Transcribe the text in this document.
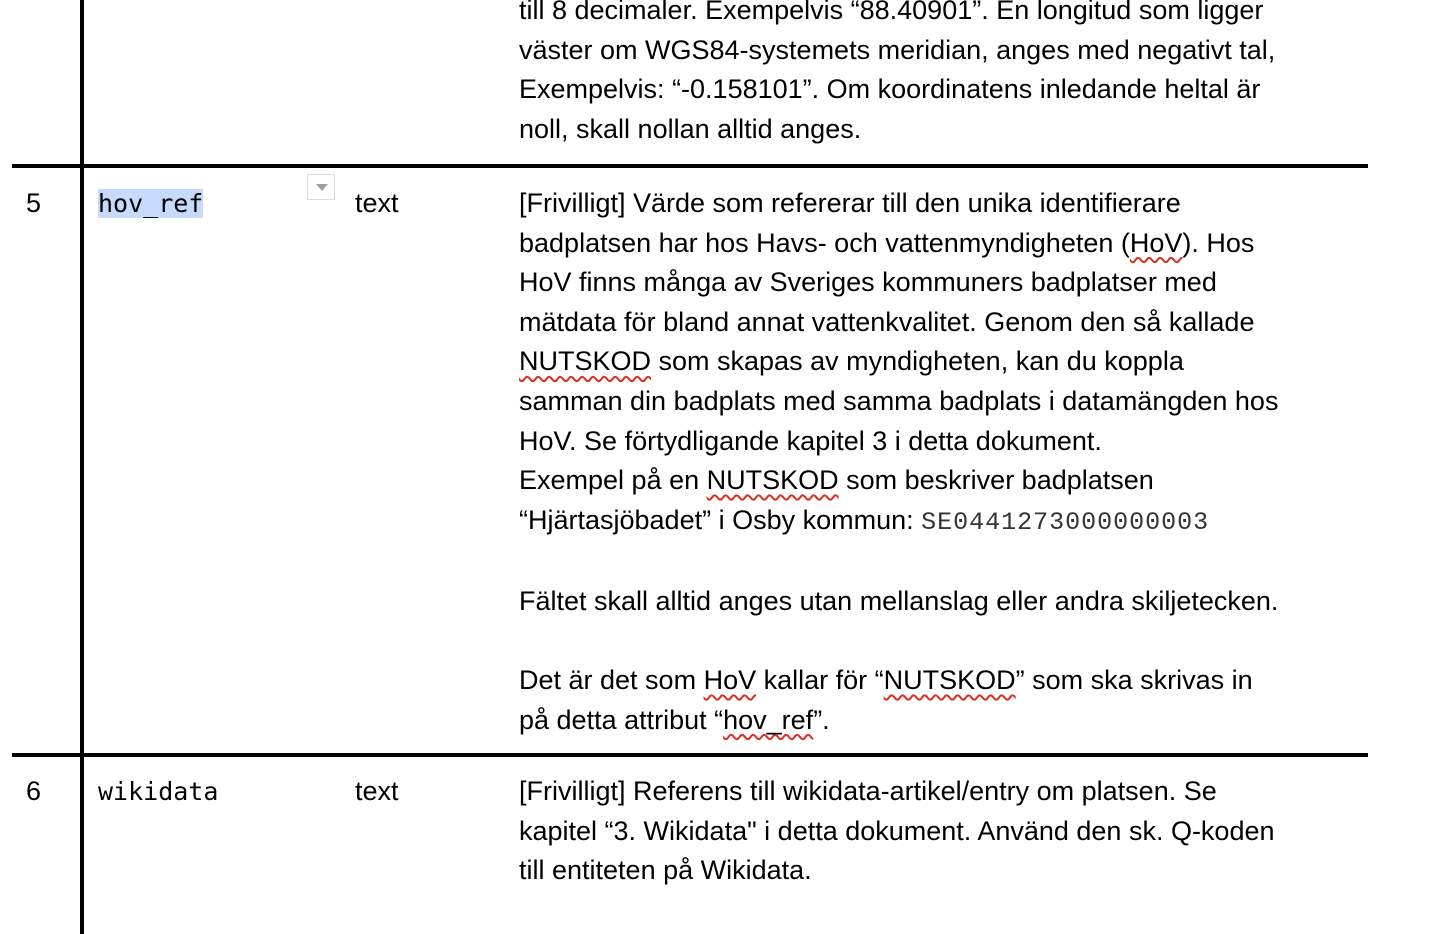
till 8 decimaler. Exempelvis “88.40901”. En longitud som ligger

väster om WGS84-systemets meridian, anges med negativt tal,

Exempelvis: “-0.158101”. Om koordinatens inledande heltal är

noll, skall nollan alltid anges.

5 hov_ref	text	[Frivilligt] Värde som refererar till den unika identifierare

badplatsen har hos Havs- och vattenmyndigheten (HoV). Hos

HoV finns många av Sveriges kommuners badplatser med

mätdata för bland annat vattenkvalitet. Genom den så kallade

NUTSKOD som skapas av myndigheten, kan du koppla

samman din badplats med samma badplats i datamängden hos

HoV. Se förtydligande kapitel 3 i detta dokument.

Exempel på en NUTSKOD som beskriver badplatsen

“Hjärtasjöbadet” i Osby kommun: SE0441273000000003

Fältet skall alltid anges utan mellanslag eller andra skiljetecken.

Det är det som HoV kallar för “NUTSKOD” som ska skrivas in

på detta attribut “hov_ref”.

6 wikidata	text	[Frivilligt] Referens till wikidata-artikel/entry om platsen. Se

kapitel “3. Wikidata" i detta dokument. Använd den sk. Q-koden

till entiteten på Wikidata.
